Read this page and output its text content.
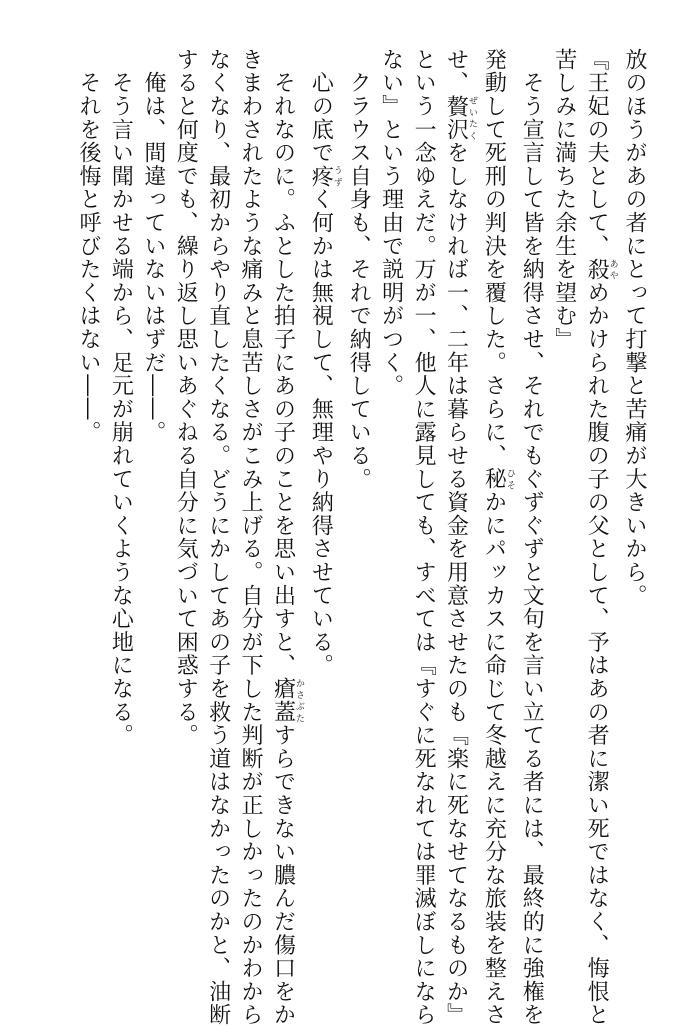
放のほうがあの者にとって打撃と苦痛が大きいから。
『王妃の夫として、殺あやめかけられた腹の子の父として、予はあの者に潔い死ではなく、悔恨と
苦しみに満ちた余生を望む』
　そう宣言して皆を納得させ、それでもぐずぐずと文句を言い立てる者には、最終的に強権を
発動して死刑の判決を覆した。さらに、秘ひそかにパッカスに命じて冬越えに充分な旅装を整えさ
せ、贅沢ぜいたくをしなければ一、二年は暮らせる資金を用意させたのも『楽に死なせてなるものか』
という一念ゆえだ。万が一、他人に露見しても、すべては『すぐに死なれては罪滅ぼしになら
ない』という理由で説明がつく。
　クラウス自身も、それで納得している。
　心の底で疼うずく何かは無視して、無理やり納得させている。
　それなのに。ふとした拍子にあの子のことを思い出すと、瘡蓋かさぶたすらできない膿んだ傷口をか
きまわされたような痛みと息苦しさがこみ上げる。自分が下した判断が正しかったのかわから
なくなり、最初からやり直したくなる。どうにかしてあの子を救う道はなかったのかと、油断
すると何度でも、繰り返し思いあぐねる自分に気づいて困惑する。
　俺は、間違っていないはずだ――。
　そう言い聞かせる端から、足元が崩れていくような心地になる。
　それを後悔と呼びたくはない――。
